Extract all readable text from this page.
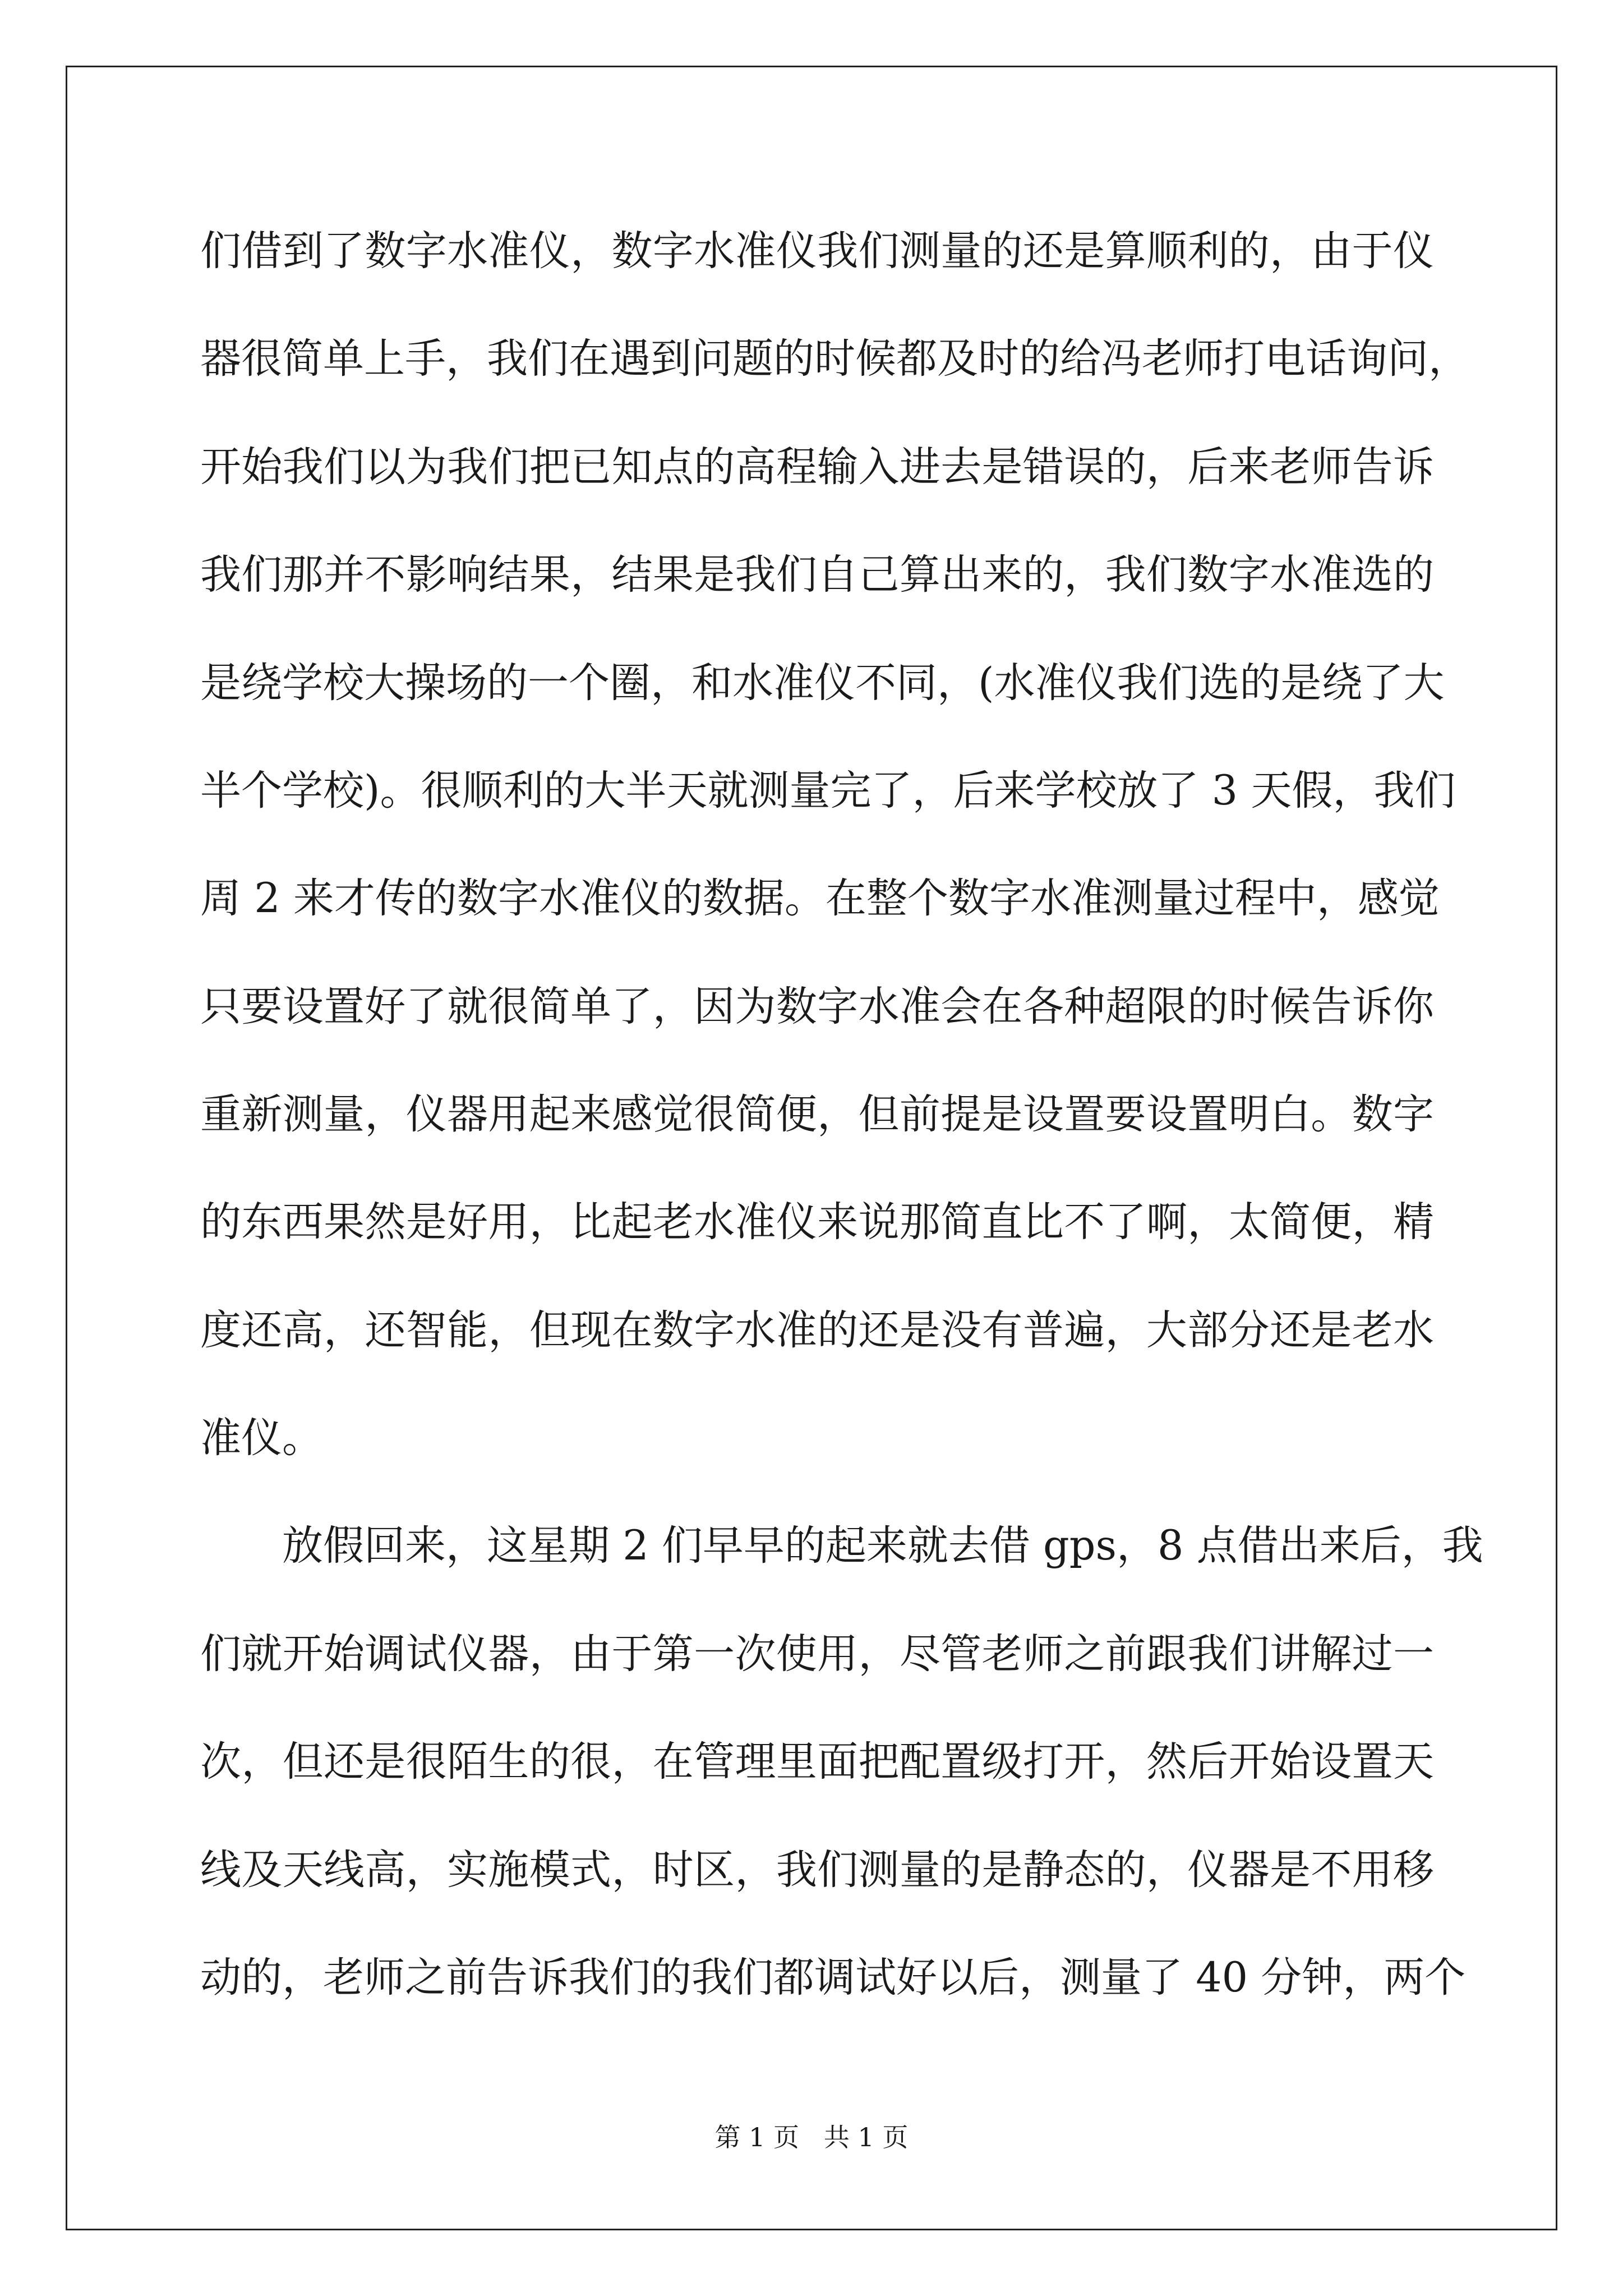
们借到了数字水准仪，数字水准仪我们测量的还是算顺利的，由于仪
器很简单上手，我们在遇到问题的时候都及时的给冯老师打电话询问，
开始我们以为我们把已知点的高程输入进去是错误的，后来老师告诉
我们那并不影响结果，结果是我们自己算出来的，我们数字水准选的
是绕学校大操场的一个圈，和水准仪不同，(水准仪我们选的是绕了大
半个学校)。很顺利的大半天就测量完了，后来学校放了 3 天假，我们
周 2 来才传的数字水准仪的数据。在整个数字水准测量过程中，感觉
只要设置好了就很简单了，因为数字水准会在各种超限的时候告诉你
重新测量，仪器用起来感觉很简便，但前提是设置要设置明白。数字
的东西果然是好用，比起老水准仪来说那简直比不了啊，太简便，精
度还高，还智能，但现在数字水准的还是没有普遍，大部分还是老水
准仪。
放假回来，这星期 2 们早早的起来就去借 gps，8 点借出来后，我
们就开始调试仪器，由于第一次使用，尽管老师之前跟我们讲解过一
次，但还是很陌生的很，在管理里面把配置级打开，然后开始设置天
线及天线高，实施模式，时区，我们测量的是静态的，仪器是不用移
动的，老师之前告诉我们的我们都调试好以后，测量了 40 分钟，两个
第 1 页   共 1 页
